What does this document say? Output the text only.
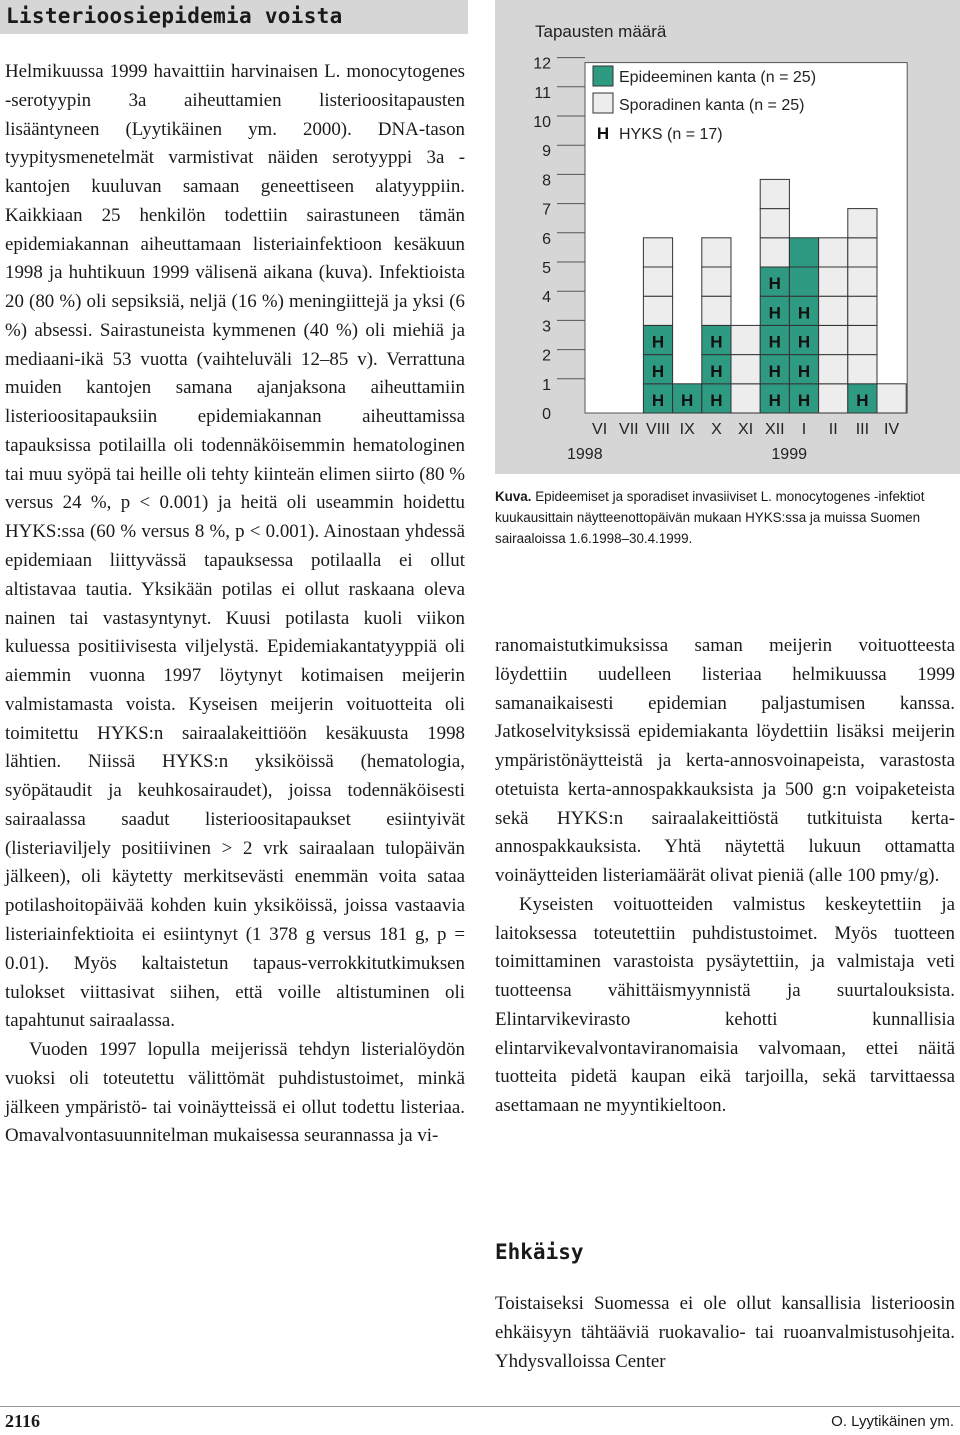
Listerioosiepidemia voista

Helmikuussa 1999 havaittiin harvinaisen L. monocytogenes -serotyypin 3a aiheuttamien listerioositapausten lisääntyneen (Lyytikäinen ym. 2000). DNA-tason tyypitysmenetelmät varmistivat näiden serotyyppi 3a -kantojen kuuluvan samaan geneettiseen alatyyppiin. Kaikkiaan 25 henkilön todettiin sairastuneen tämän epidemiakannan aiheuttamaan listeriainfektioon kesäkuun 1998 ja huhtikuun 1999 välisenä aikana (kuva). Infektioista 20 (80 %) oli sepsiksiä, neljä (16 %) meningiittejä ja yksi (6 %) absessi. Sairastuneista kymmenen (40 %) oli miehiä ja mediaani-ikä 53 vuotta (vaihteluväli 12–85 v). Verrattuna muiden kantojen samana ajanjaksona aiheuttamiin listerioositapauksiin epidemiakannan aiheuttamissa tapauksissa potilailla oli todennäköisemmin hematologinen tai muu syöpä tai heille oli tehty kiinteän elimen siirto (80 % versus 24 %, p < 0.001) ja heitä oli useammin hoidettu HYKS:ssa (60 % versus 8 %, p < 0.001). Ainostaan yhdessä epidemiaan liittyvässä tapauksessa potilaalla ei ollut altistavaa tautia. Yksikään potilas ei ollut raskaana oleva nainen tai vastasyntynyt. Kuusi potilasta kuoli viikon kuluessa positiivisesta viljelystä. Epidemiakantatyyppiä oli aiemmin vuonna 1997 löytynyt kotimaisen meijerin valmistamasta voista. Kyseisen meijerin voituotteita oli toimitettu HYKS:n sairaalakeittiöön kesäkuusta 1998 lähtien. Niissä HYKS:n yksiköissä (hematologia, syöpätaudit ja keuhkosairaudet), joissa todennäköisesti sairaalassa saadut listerioositapaukset esiintyivät (listeriaviljely positiivinen > 2 vrk sairaalaan tulopäivän jälkeen), oli käytetty merkitsevästi enemmän voita sataa potilashoitopäivää kohden kuin yksiköissä, joissa vastaavia listeriainfektioita ei esiintynyt (1 378 g versus 181 g, p = 0.01). Myös kaltaistetun tapaus-verrokkitutkimuksen tulokset viittasivat siihen, että voille altistuminen oli tapahtunut sairaalassa.

Vuoden 1997 lopulla meijerissä tehdyn listerialöydön vuoksi oli toteutettu välittömät puhdistustoimet, minkä jälkeen ympäristö- tai voinäytteissä ei ollut todettu listeriaa. Omavalvontasuunnitelman mukaisessa seurannassa ja vi-

Tapausten määrä
0
1
2
3
4
5
6
7
8
9
10
11
12
VI VII
H
H
H
VIII
H
IX
H
H
H
X XI
H
H
H
H
H
XII
H
H
H
H
I II
H
III IV
1998	1999
Epideeminen kanta (n = 25)
Sporadinen kanta (n = 25)
H HYKS (n = 17)
Kuva. Epideemiset ja sporadiset invasiiviset L. monocytogenes -infektiot kuukausittain näytteenottopäivän mukaan HYKS:ssa ja muissa Suomen sairaaloissa 1.6.1998–30.4.1999.

ranomaistutkimuksissa saman meijerin voituotteesta löydettiin uudelleen listeriaa helmikuussa 1999 samanaikaisesti epidemian paljastumisen kanssa. Jatkoselvityksissä epidemiakanta löydettiin lisäksi meijerin ympäristönäytteistä ja kerta-annosvoinapeista, varastosta otetuista kerta-annospakkauksista ja 500 g:n voipaketeista sekä HYKS:n sairaalakeittiöstä tutkituista kerta-annospakkauksista. Yhtä näytettä lukuun ottamatta voinäytteiden listeriamäärät olivat pieniä (alle 100 pmy/g).

Kyseisten voituotteiden valmistus keskeytettiin ja laitoksessa toteutettiin puhdistustoimet. Myös tuotteen toimittaminen varastoista pysäytettiin, ja valmistaja veti tuotteensa vähittäismyynnistä ja suurtalouksista. Elintarvikevirasto kehotti kunnallisia elintarvikevalvontaviranomaisia valvomaan, ettei näitä tuotteita pidetä kaupan eikä tarjoilla, sekä tarvittaessa asettamaan ne myyntikieltoon.

Ehkäisy

Toistaiseksi Suomessa ei ole ollut kansallisia listerioosin ehkäisyyn tähtääviä ruokavalio- tai ruoanvalmistusohjeita. Yhdysvalloissa Center

2116	O. Lyytikäinen ym.
